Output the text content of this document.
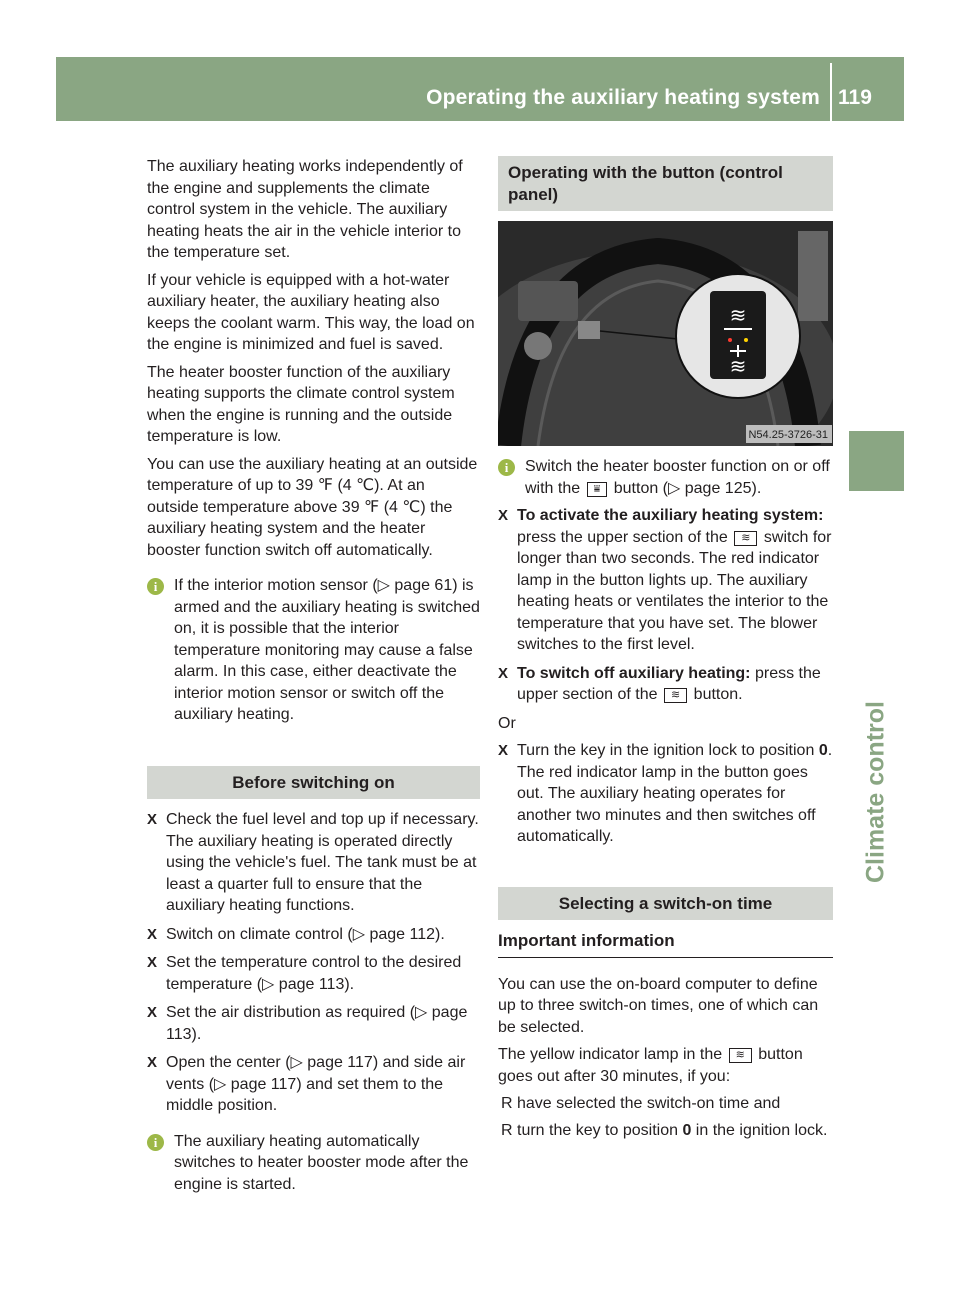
Operating the auxiliary heating system 119
Climate control

The auxiliary heating works independently of the engine and supplements the climate control system in the vehicle. The auxiliary heating heats the air in the vehicle interior to the temperature set.

If your vehicle is equipped with a hot-water auxiliary heater, the auxiliary heating also keeps the coolant warm. This way, the load on the engine is minimized and fuel is saved.

The heater booster function of the auxiliary heating supports the climate control system when the engine is running and the outside temperature is low.

You can use the auxiliary heating at an outside temperature of up to 39 ℉ (4 ℃). At an outside temperature above 39 ℉ (4 ℃) the auxiliary heating system and the heater booster function switch off automatically.

i	If the interior motion sensor (▷ page 61) is armed and the auxiliary heating is switched on, it is possible that the interior temperature monitoring may cause a false alarm. In this case, either deactivate the interior motion sensor or switch off the auxiliary heating.
Before switching on
X Check the fuel level and top up if necessary. The auxiliary heating is operated directly using the vehicle's fuel. The tank must be at least a quarter full to ensure that the auxiliary heating functions.
X Switch on climate control (▷ page 112).
X Set the temperature control to the desired temperature (▷ page 113).
X Set the air distribution as required (▷ page 113).
X Open the center (▷ page 117) and side air vents (▷ page 117) and set them to the middle position.
i	The auxiliary heating automatically switches to heater booster mode after the engine is started.
Operating with the button (control panel)
≋
≋
N54.25-3726-31
i	Switch the heater booster function on or off with the ⩸ button (▷ page 125).
X To activate the auxiliary heating system: press the upper section of the ≋ switch for longer than two seconds. The red indicator lamp in the button lights up. The auxiliary heating heats or ventilates the interior to the temperature that you have set. The blower switches to the first level.
X To switch off auxiliary heating: press the upper section of the ≋ button.

Or

X Turn the key in the ignition lock to position 0. The red indicator lamp in the button goes out. The auxiliary heating operates for another two minutes and then switches off automatically.
Selecting a switch-on time
Important information

You can use the on-board computer to define up to three switch-on times, one of which can be selected.

The yellow indicator lamp in the ≋ button goes out after 30 minutes, if you:

R have selected the switch-on time and
R turn the key to position 0 in the ignition lock.
